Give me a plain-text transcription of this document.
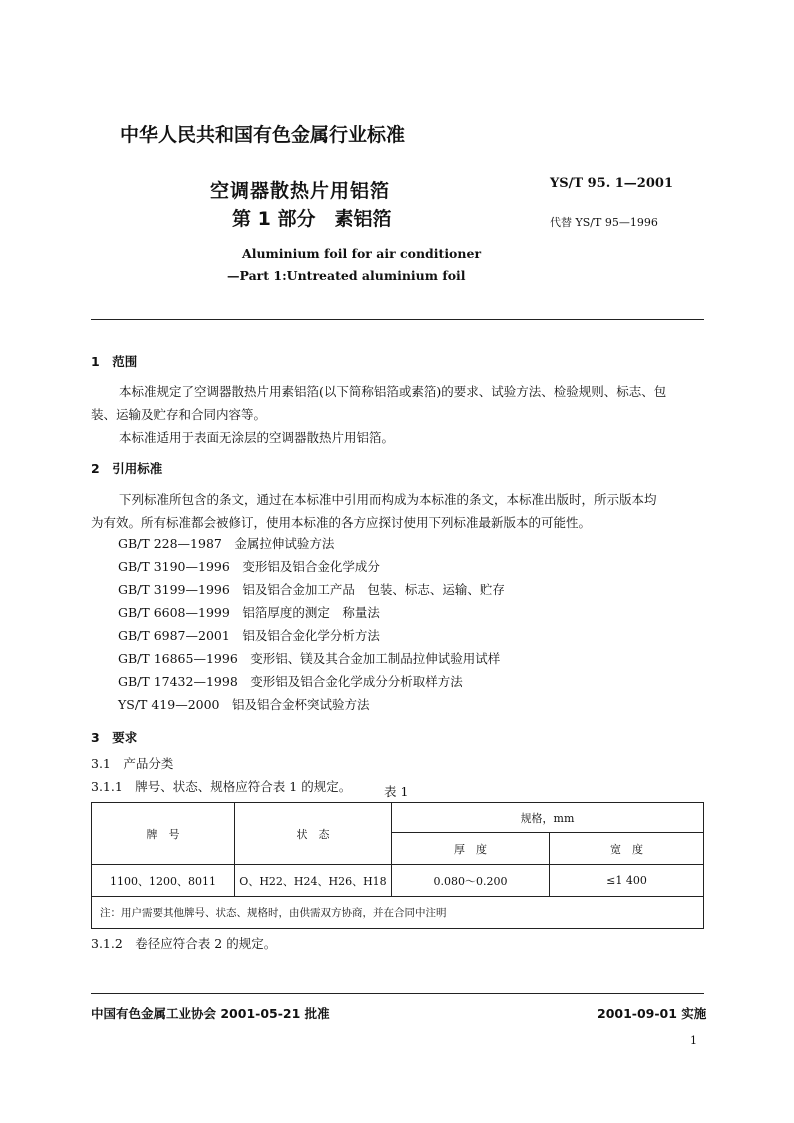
中华人民共和国有色金属行业标准
空调器散热片用铝箔
第 1 部分　素铝箔
YS/T 95. 1—2001
代替 YS/T 95—1996
Aluminium foil for air conditioner
—Part 1:Untreated aluminium foil
1　范围
本标准规定了空调器散热片用素铝箔(以下简称铝箔或素箔)的要求、试验方法、检验规则、标志、包
装、运输及贮存和合同内容等。
本标准适用于表面无涂层的空调器散热片用铝箔。
2　引用标准
下列标准所包含的条文，通过在本标准中引用而构成为本标准的条文，本标准出版时，所示版本均
为有效。所有标准都会被修订，使用本标准的各方应探讨使用下列标准最新版本的可能性。
GB/T 228—1987　金属拉伸试验方法
GB/T 3190—1996　变形铝及铝合金化学成分
GB/T 3199—1996　铝及铝合金加工产品　包装、标志、运输、贮存
GB/T 6608—1999　铝箔厚度的测定　称量法
GB/T 6987—2001　铝及铝合金化学分析方法
GB/T 16865—1996　变形铝、镁及其合金加工制品拉伸试验用试样
GB/T 17432—1998　变形铝及铝合金化学成分分析取样方法
YS/T 419—2000　铝及铝合金杯突试验方法
3　要求
3.1　产品分类
3.1.1　牌号、状态、规格应符合表 1 的规定。	表 1
牌　号	状　态	规格，mm	
		厚　度	宽　度
1100、1200、8011	O、H22、H24、H26、H18	0.080～0.200	≤1 400
注：用户需要其他牌号、状态、规格时，由供需双方协商，并在合同中注明			
3.1.2　卷径应符合表 2 的规定。
中国有色金属工业协会 2001-05-21 批准	2001-09-01 实施
1
